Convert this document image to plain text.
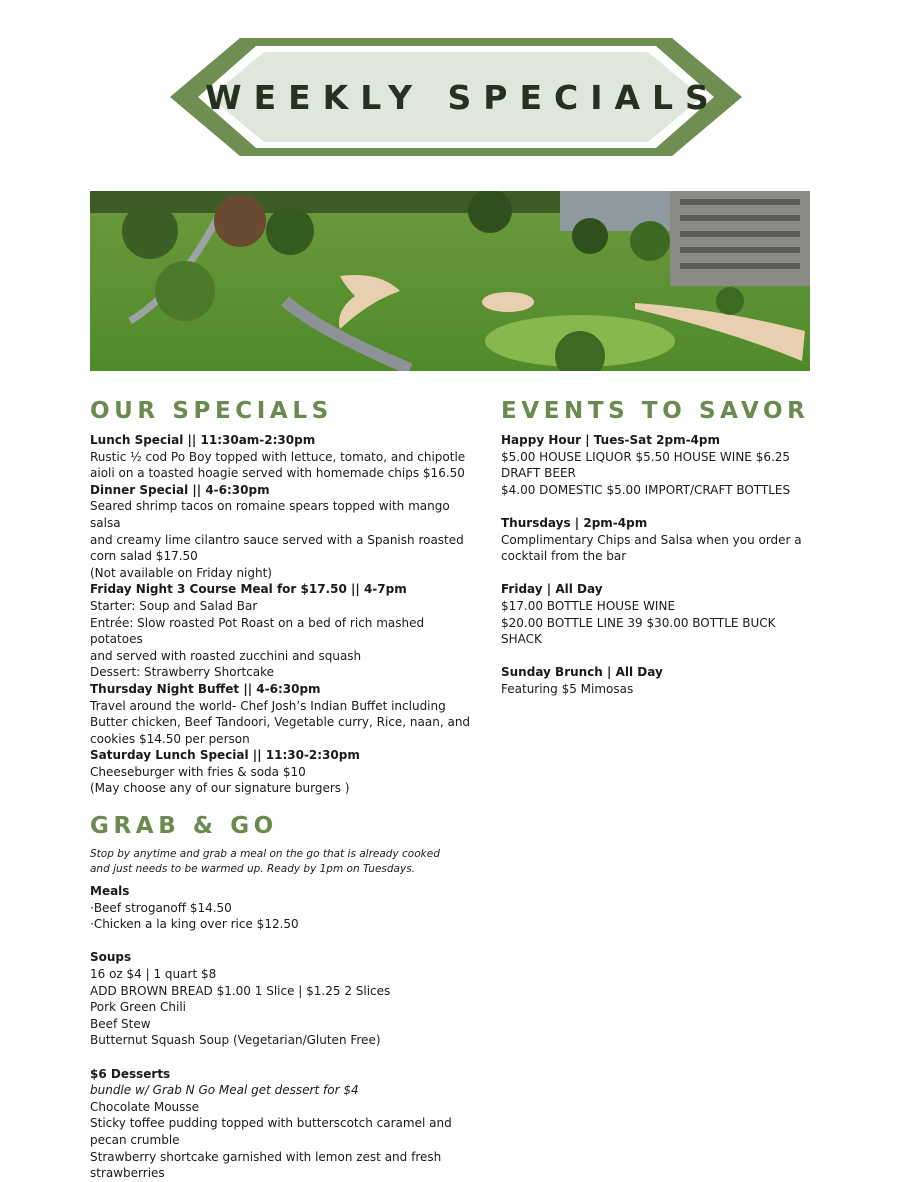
WEEKLY SPECIALS
OUR SPECIALS
Lunch Special || 11:30am-2:30pm
Rustic ½ cod Po Boy topped with lettuce, tomato, and chipotle
aioli on a toasted hoagie served with homemade chips $16.50
Dinner Special || 4-6:30pm
Seared shrimp tacos on romaine spears topped with mango salsa
and creamy lime cilantro sauce served with a Spanish roasted
corn salad $17.50
(Not available on Friday night)
Friday Night 3 Course Meal for $17.50 || 4-7pm
Starter: Soup and Salad Bar
Entrée: Slow roasted Pot Roast on a bed of rich mashed potatoes
and served with roasted zucchini and squash
Dessert: Strawberry Shortcake
Thursday Night Buffet || 4-6:30pm
Travel around the world- Chef Josh’s Indian Buffet including
Butter chicken, Beef Tandoori, Vegetable curry, Rice, naan, and
cookies $14.50 per person
Saturday Lunch Special || 11:30-2:30pm
Cheeseburger with fries & soda $10
(May choose any of our signature burgers )
GRAB & GO
Stop by anytime and grab a meal on the go that is already cooked
and just needs to be warmed up. Ready by 1pm on Tuesdays.
Meals
·Beef stroganoff $14.50
·Chicken a la king over rice $12.50
Soups
16 oz $4 | 1 quart $8
ADD BROWN BREAD $1.00 1 Slice | $1.25 2 Slices
Pork Green Chili
Beef Stew
Butternut Squash Soup (Vegetarian/Gluten Free)
$6 Desserts
bundle w/ Grab N Go Meal get dessert for $4
Chocolate Mousse
Sticky toffee pudding topped with butterscotch caramel and
pecan crumble
Strawberry shortcake garnished with lemon zest and fresh
strawberries
EVENTS TO SAVOR
Happy Hour | Tues-Sat 2pm-4pm
$5.00 HOUSE LIQUOR $5.50 HOUSE WINE $6.25
DRAFT BEER
$4.00 DOMESTIC $5.00 IMPORT/CRAFT BOTTLES
Thursdays | 2pm-4pm
Complimentary Chips and Salsa when you order a
cocktail from the bar
Friday | All Day
$17.00 BOTTLE HOUSE WINE
$20.00 BOTTLE LINE 39 $30.00 BOTTLE BUCK
SHACK
Sunday Brunch | All Day
Featuring $5 Mimosas
